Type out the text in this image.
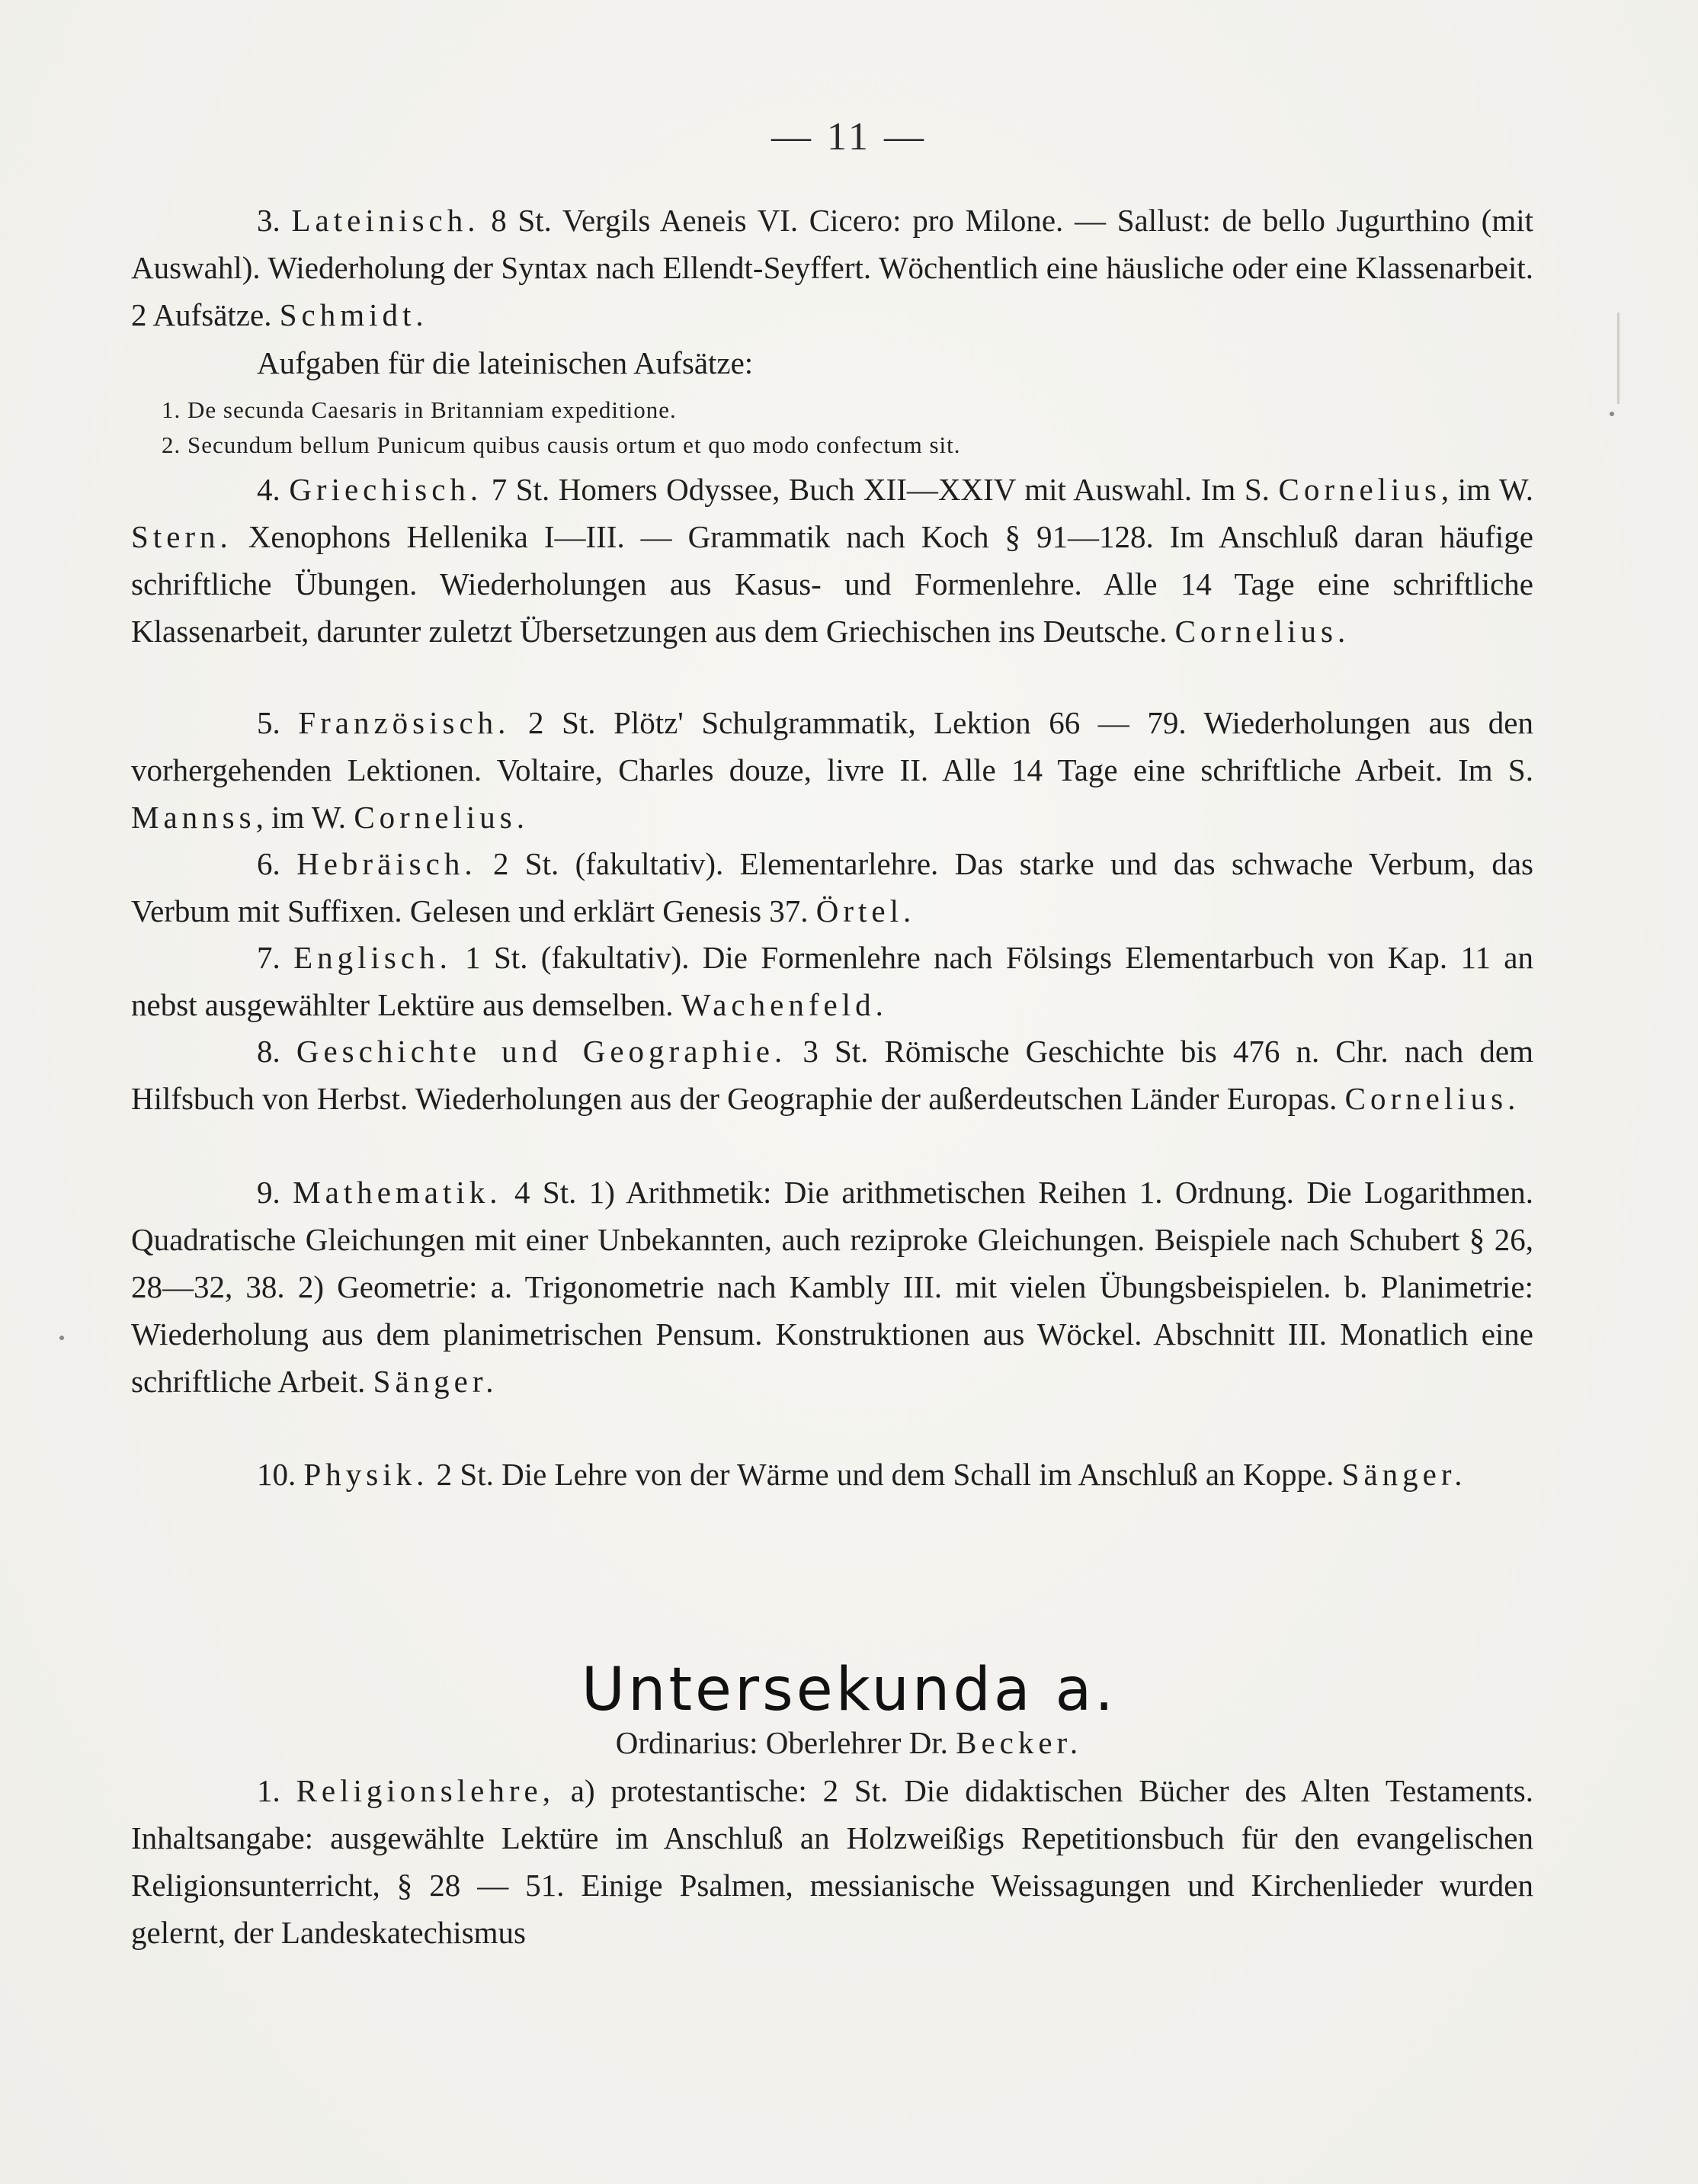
— 11 —

3. Lateinisch. 8 St. Vergils Aeneis VI. Cicero: pro Milone. — Sallust: de bello Jugurthino (mit Auswahl). Wiederholung der Syntax nach Ellendt-Seyffert. Wöchentlich eine häusliche oder eine Klassenarbeit. 2 Aufsätze. Schmidt.

Aufgaben für die lateinischen Aufsätze:

1. De secunda Caesaris in Britanniam expeditione.
2. Secundum bellum Punicum quibus causis ortum et quo modo confectum sit.

4. Griechisch. 7 St. Homers Odyssee, Buch XII—XXIV mit Auswahl. Im S. Cornelius, im W. Stern. Xenophons Hellenika I—III. — Grammatik nach Koch § 91—128. Im Anschluß daran häufige schriftliche Übungen. Wiederholungen aus Kasus- und Formenlehre. Alle 14 Tage eine schriftliche Klassenarbeit, darunter zuletzt Übersetzungen aus dem Griechischen ins Deutsche. Cornelius.

5. Französisch. 2 St. Plötz' Schulgrammatik, Lektion 66 — 79. Wiederholungen aus den vorhergehenden Lektionen. Voltaire, Charles douze, livre II. Alle 14 Tage eine schriftliche Arbeit. Im S. Mannss, im W. Cornelius.

6. Hebräisch. 2 St. (fakultativ). Elementarlehre. Das starke und das schwache Verbum, das Verbum mit Suffixen. Gelesen und erklärt Genesis 37. Örtel.

7. Englisch. 1 St. (fakultativ). Die Formenlehre nach Fölsings Elementarbuch von Kap. 11 an nebst ausgewählter Lektüre aus demselben. Wachenfeld.

8. Geschichte und Geographie. 3 St. Römische Geschichte bis 476 n. Chr. nach dem Hilfsbuch von Herbst. Wiederholungen aus der Geographie der außerdeutschen Länder Europas. Cornelius.

9. Mathematik. 4 St. 1) Arithmetik: Die arithmetischen Reihen 1. Ordnung. Die Logarithmen. Quadratische Gleichungen mit einer Unbekannten, auch reziproke Gleichungen. Beispiele nach Schubert § 26, 28—32, 38. 2) Geometrie: a. Trigonometrie nach Kambly III. mit vielen Übungsbeispielen. b. Planimetrie: Wiederholung aus dem planimetrischen Pensum. Konstruktionen aus Wöckel. Abschnitt III. Monatlich eine schriftliche Arbeit. Sänger.

10. Physik. 2 St. Die Lehre von der Wärme und dem Schall im Anschluß an Koppe. Sänger.

Untersekunda a.
Ordinarius: Oberlehrer Dr. Becker.

1. Religionslehre, a) protestantische: 2 St. Die didaktischen Bücher des Alten Testaments. Inhaltsangabe: ausgewählte Lektüre im Anschluß an Holzweißigs Repetitionsbuch für den evangelischen Religionsunterricht, § 28 — 51. Einige Psalmen, messianische Weissagungen und Kirchenlieder wurden gelernt, der Landeskatechismus
